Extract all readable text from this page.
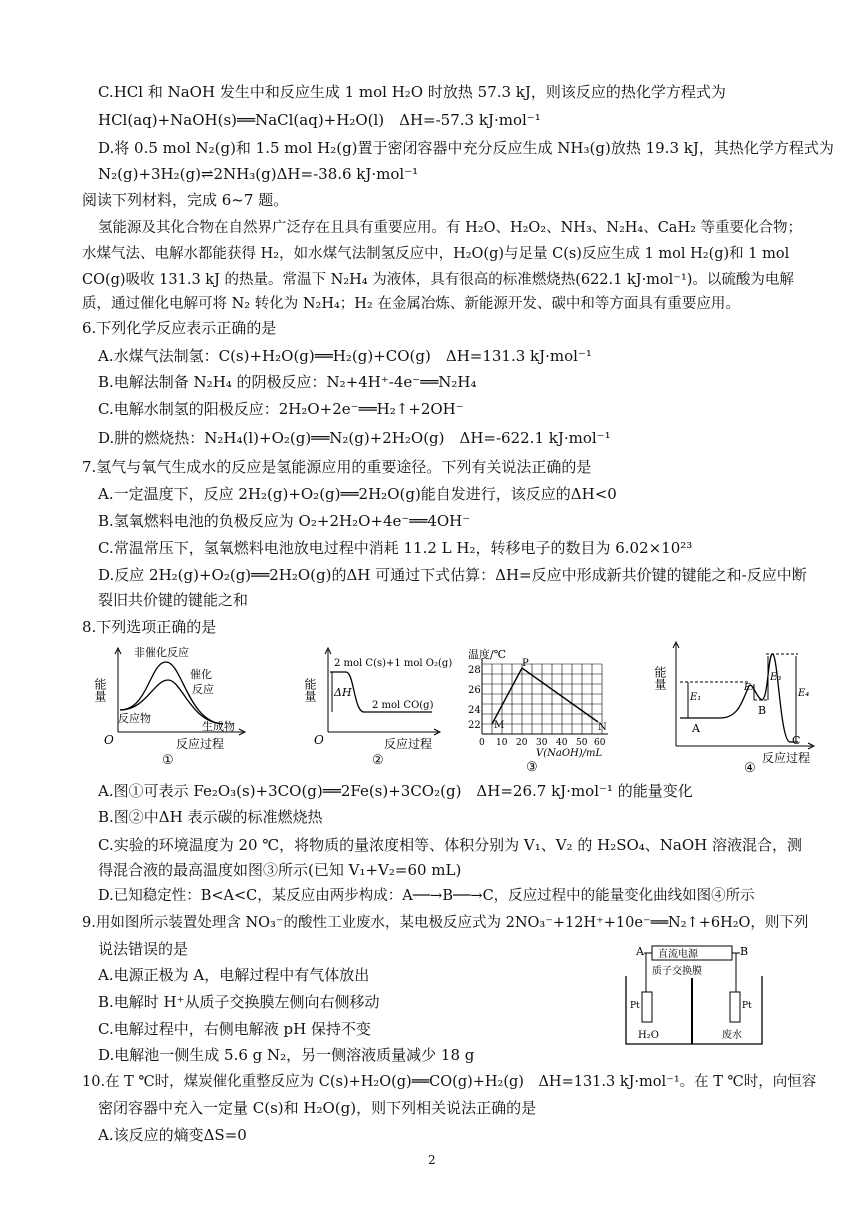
C.HCl 和 NaOH 发生中和反应生成 1 mol H₂O 时放热 57.3 kJ，则该反应的热化学方程式为
HCl(aq)+NaOH(s)══NaCl(aq)+H₂O(l)　ΔH=-57.3 kJ·mol⁻¹
D.将 0.5 mol N₂(g)和 1.5 mol H₂(g)置于密闭容器中充分反应生成 NH₃(g)放热 19.3 kJ，其热化学方程式为
N₂(g)+3H₂(g)⇌2NH₃(g)ΔH=-38.6 kJ·mol⁻¹
阅读下列材料，完成 6~7 题。
氢能源及其化合物在自然界广泛存在且具有重要应用。有 H₂O、H₂O₂、NH₃、N₂H₄、CaH₂ 等重要化合物；
水煤气法、电解水都能获得 H₂，如水煤气法制氢反应中，H₂O(g)与足量 C(s)反应生成 1 mol H₂(g)和 1 mol
CO(g)吸收 131.3 kJ 的热量。常温下 N₂H₄ 为液体，具有很高的标准燃烧热(622.1 kJ·mol⁻¹)。以硫酸为电解
质，通过催化电解可将 N₂ 转化为 N₂H₄；H₂ 在金属冶炼、新能源开发、碳中和等方面具有重要应用。
6.下列化学反应表示正确的是
A.水煤气法制氢：C(s)+H₂O(g)══H₂(g)+CO(g)　ΔH=131.3 kJ·mol⁻¹
B.电解法制备 N₂H₄ 的阴极反应：N₂+4H⁺-4e⁻══N₂H₄
C.电解水制氢的阳极反应：2H₂O+2e⁻══H₂↑+2OH⁻
D.肼的燃烧热：N₂H₄(l)+O₂(g)══N₂(g)+2H₂O(g)　ΔH=-622.1 kJ·mol⁻¹
7.氢气与氧气生成水的反应是氢能源应用的重要途径。下列有关说法正确的是
A.一定温度下，反应 2H₂(g)+O₂(g)══2H₂O(g)能自发进行，该反应的ΔH<0
B.氢氧燃料电池的负极反应为 O₂+2H₂O+4e⁻══4OH⁻
C.常温常压下，氢氧燃料电池放电过程中消耗 11.2 L H₂，转移电子的数目为 6.02×10²³
D.反应 2H₂(g)+O₂(g)══2H₂O(g)的ΔH 可通过下式估算：ΔH=反应中形成新共价键的键能之和-反应中断
裂旧共价键的键能之和
8.下列选项正确的是
能量
非催化反应
催化
反应
反应物
生成物
O	反应过程
①
能量
2 mol C(s)+1 mol O₂(g)
ΔH
2 mol CO(g)
O	反应过程
②
温度/℃
28
26
24
22 M
P
N
0 10 20 30 40 50 60
V(NaOH)/mL
③
能量
E₁
E₂
E₃
E₄
A
B
C
反应过程
④
A.图①可表示 Fe₂O₃(s)+3CO(g)══2Fe(s)+3CO₂(g)　ΔH=26.7 kJ·mol⁻¹ 的能量变化
B.图②中ΔH 表示碳的标准燃烧热
C.实验的环境温度为 20 ℃，将物质的量浓度相等、体积分别为 V₁、V₂ 的 H₂SO₄、NaOH 溶液混合，测
得混合液的最高温度如图③所示(已知 V₁+V₂=60 mL)
D.已知稳定性：B<A<C，某反应由两步构成：A──→B──→C，反应过程中的能量变化曲线如图④所示
9.用如图所示装置处理含 NO₃⁻的酸性工业废水，某电极反应式为 2NO₃⁻+12H⁺+10e⁻══N₂↑+6H₂O，则下列
说法错误的是
A.电源正极为 A，电解过程中有气体放出
B.电解时 H⁺从质子交换膜左侧向右侧移动
C.电解过程中，右侧电解液 pH 保持不变
D.电解池一侧生成 5.6 g N₂，另一侧溶液质量减少 18 g
A	B
直流电源
质子交换膜
Pt	Pt
H₂O	废水
10.在 T ℃时，煤炭催化重整反应为 C(s)+H₂O(g)══CO(g)+H₂(g)　ΔH=131.3 kJ·mol⁻¹。在 T ℃时，向恒容
密闭容器中充入一定量 C(s)和 H₂O(g)，则下列相关说法正确的是
A.该反应的熵变ΔS=0
2
